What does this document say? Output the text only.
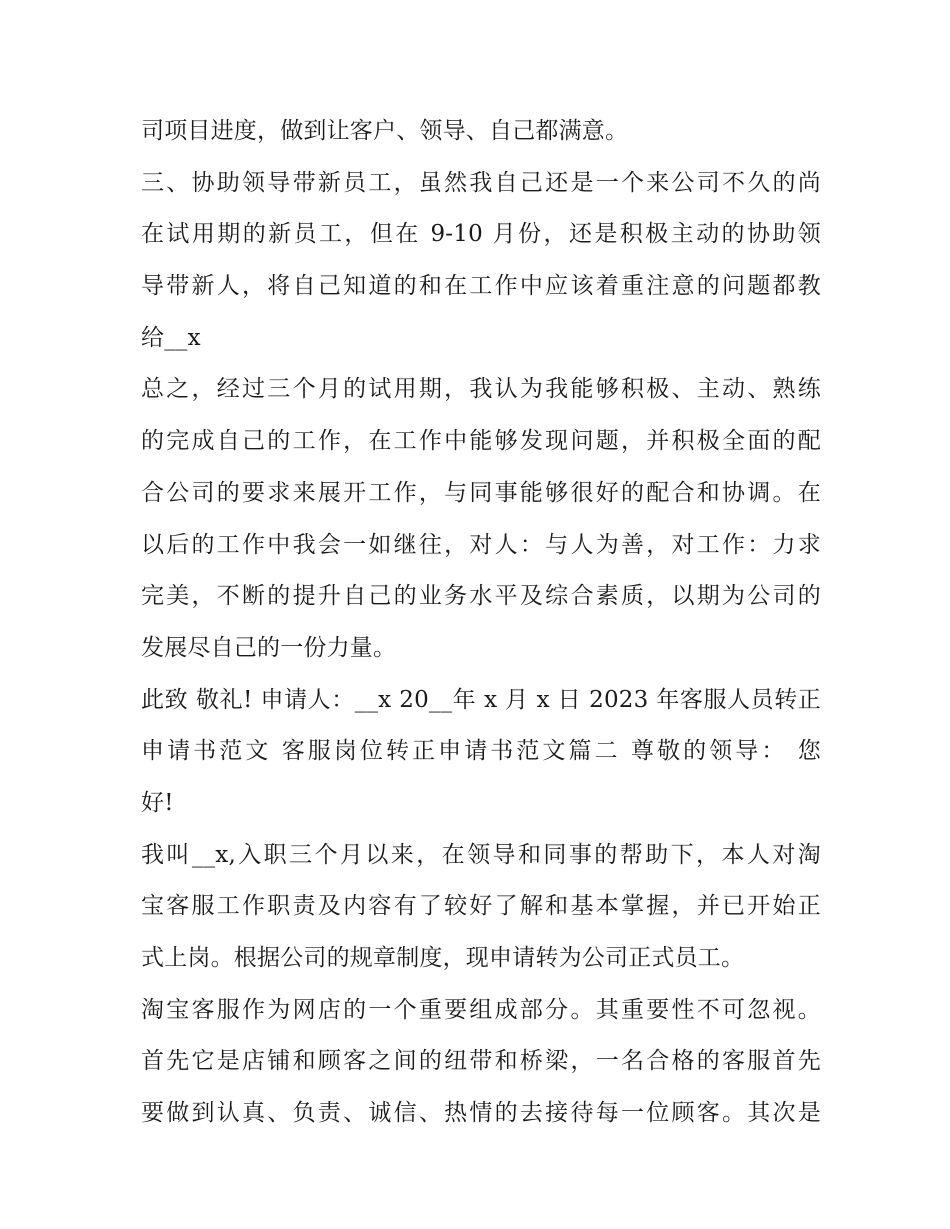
司项目进度，做到让客户、领导、自己都满意。
三、协助领导带新员工，虽然我自己还是一个来公司不久的尚
在试用期的新员工，但在 9-10 月份，还是积极主动的协助领
导带新人，将自己知道的和在工作中应该着重注意的问题都教
给__x
总之，经过三个月的试用期，我认为我能够积极、主动、熟练
的完成自己的工作，在工作中能够发现问题，并积极全面的配
合公司的要求来展开工作，与同事能够很好的配合和协调。在
以后的工作中我会一如继往，对人：与人为善，对工作：力求
完美，不断的提升自己的业务水平及综合素质，以期为公司的
发展尽自己的一份力量。
此致 敬礼! 申请人：__x 20__年 x 月 x 日 2023 年客服人员转正
申请书范文 客服岗位转正申请书范文篇二 尊敬的领导： 您
好!
我叫__x,入职三个月以来，在领导和同事的帮助下，本人对淘
宝客服工作职责及内容有了较好了解和基本掌握，并已开始正
式上岗。根据公司的规章制度，现申请转为公司正式员工。
淘宝客服作为网店的一个重要组成部分。其重要性不可忽视。
首先它是店铺和顾客之间的纽带和桥梁，一名合格的客服首先
要做到认真、负责、诚信、热情的去接待每一位顾客。其次是
